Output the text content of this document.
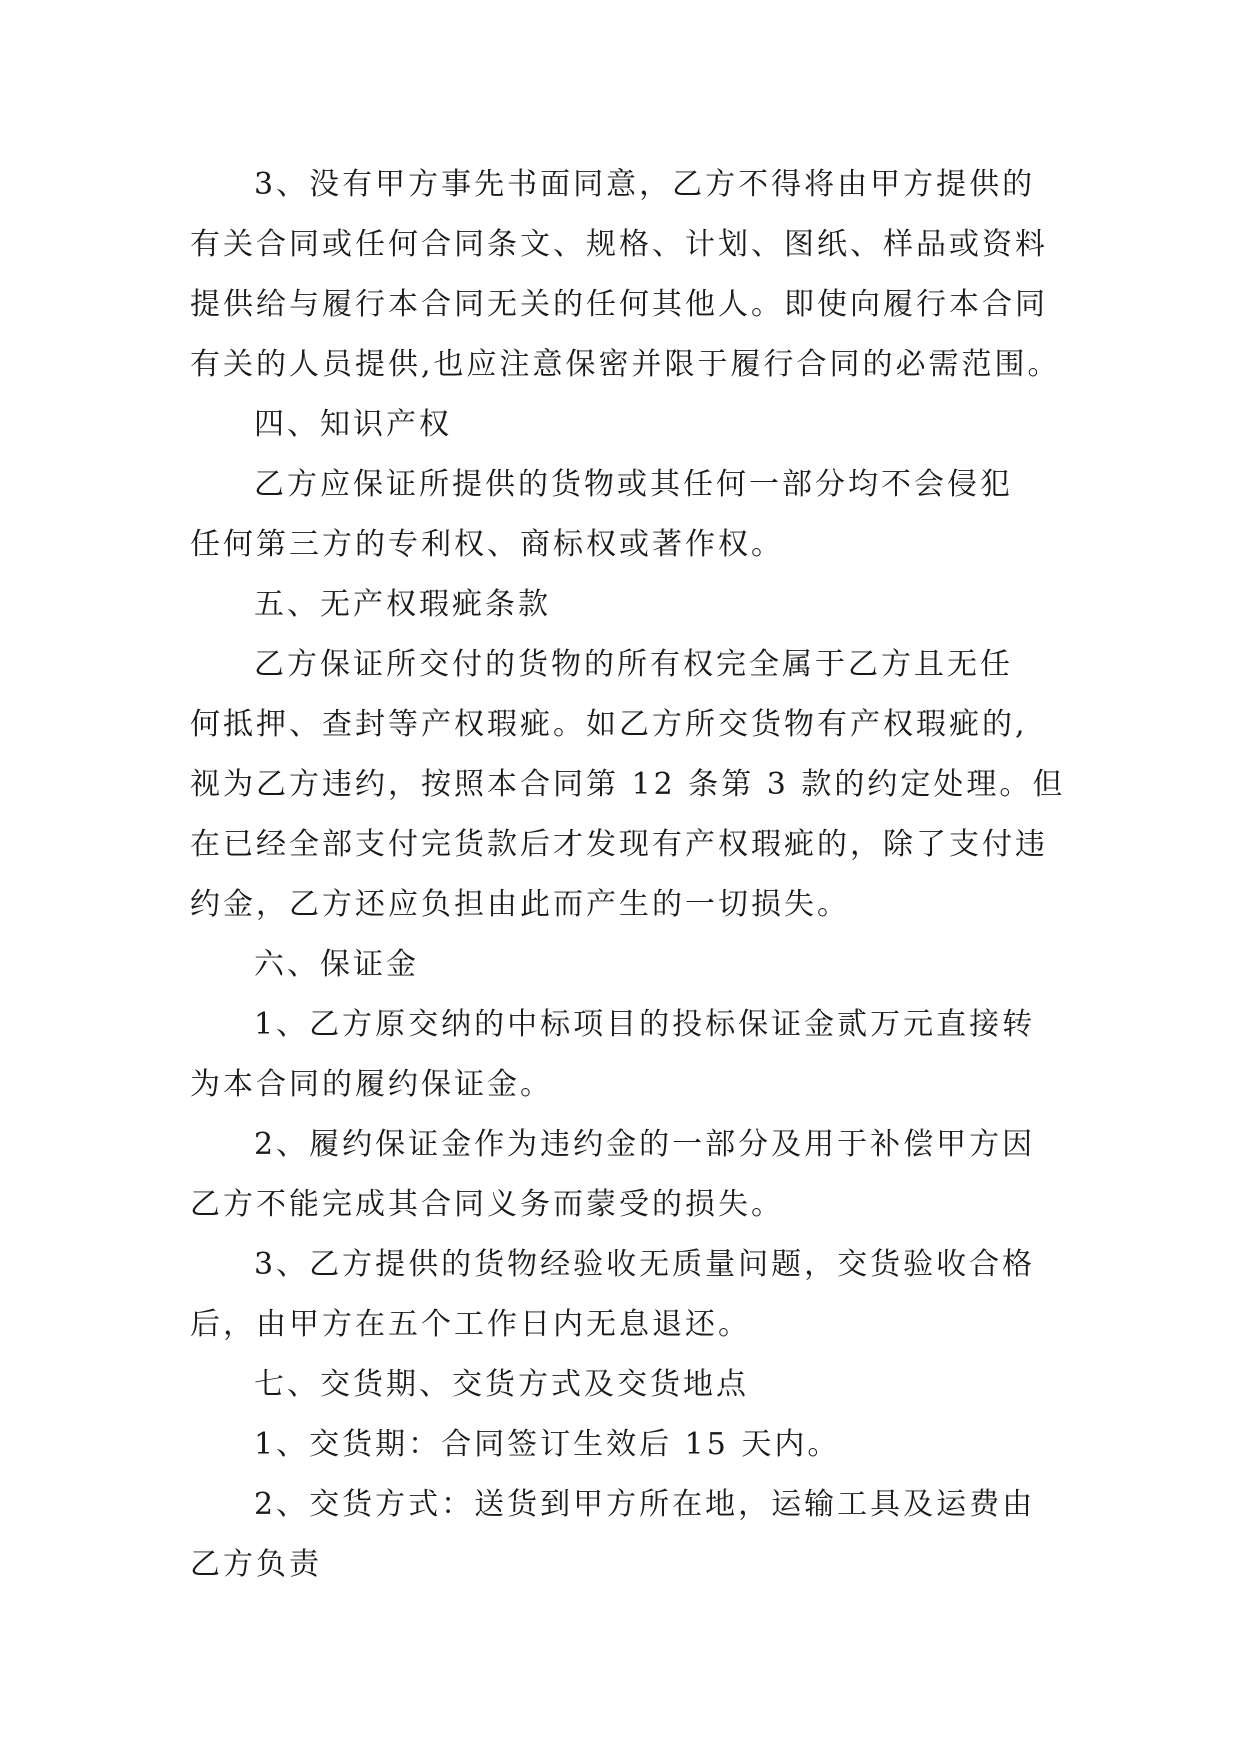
3、没有甲方事先书面同意，乙方不得将由甲方提供的
有关合同或任何合同条文、规格、计划、图纸、样品或资料
提供给与履行本合同无关的任何其他人。即使向履行本合同
有关的人员提供,也应注意保密并限于履行合同的必需范围。
四、知识产权
乙方应保证所提供的货物或其任何一部分均不会侵犯
任何第三方的专利权、商标权或著作权。
五、无产权瑕疵条款
乙方保证所交付的货物的所有权完全属于乙方且无任
何抵押、查封等产权瑕疵。如乙方所交货物有产权瑕疵的,
视为乙方违约，按照本合同第 12 条第 3 款的约定处理。但
在已经全部支付完货款后才发现有产权瑕疵的，除了支付违
约金，乙方还应负担由此而产生的一切损失。
六、保证金
1、乙方原交纳的中标项目的投标保证金贰万元直接转
为本合同的履约保证金。
2、履约保证金作为违约金的一部分及用于补偿甲方因
乙方不能完成其合同义务而蒙受的损失。
3、乙方提供的货物经验收无质量问题，交货验收合格
后，由甲方在五个工作日内无息退还。
七、交货期、交货方式及交货地点
1、交货期：合同签订生效后 15 天内。
2、交货方式：送货到甲方所在地，运输工具及运费由
乙方负责
